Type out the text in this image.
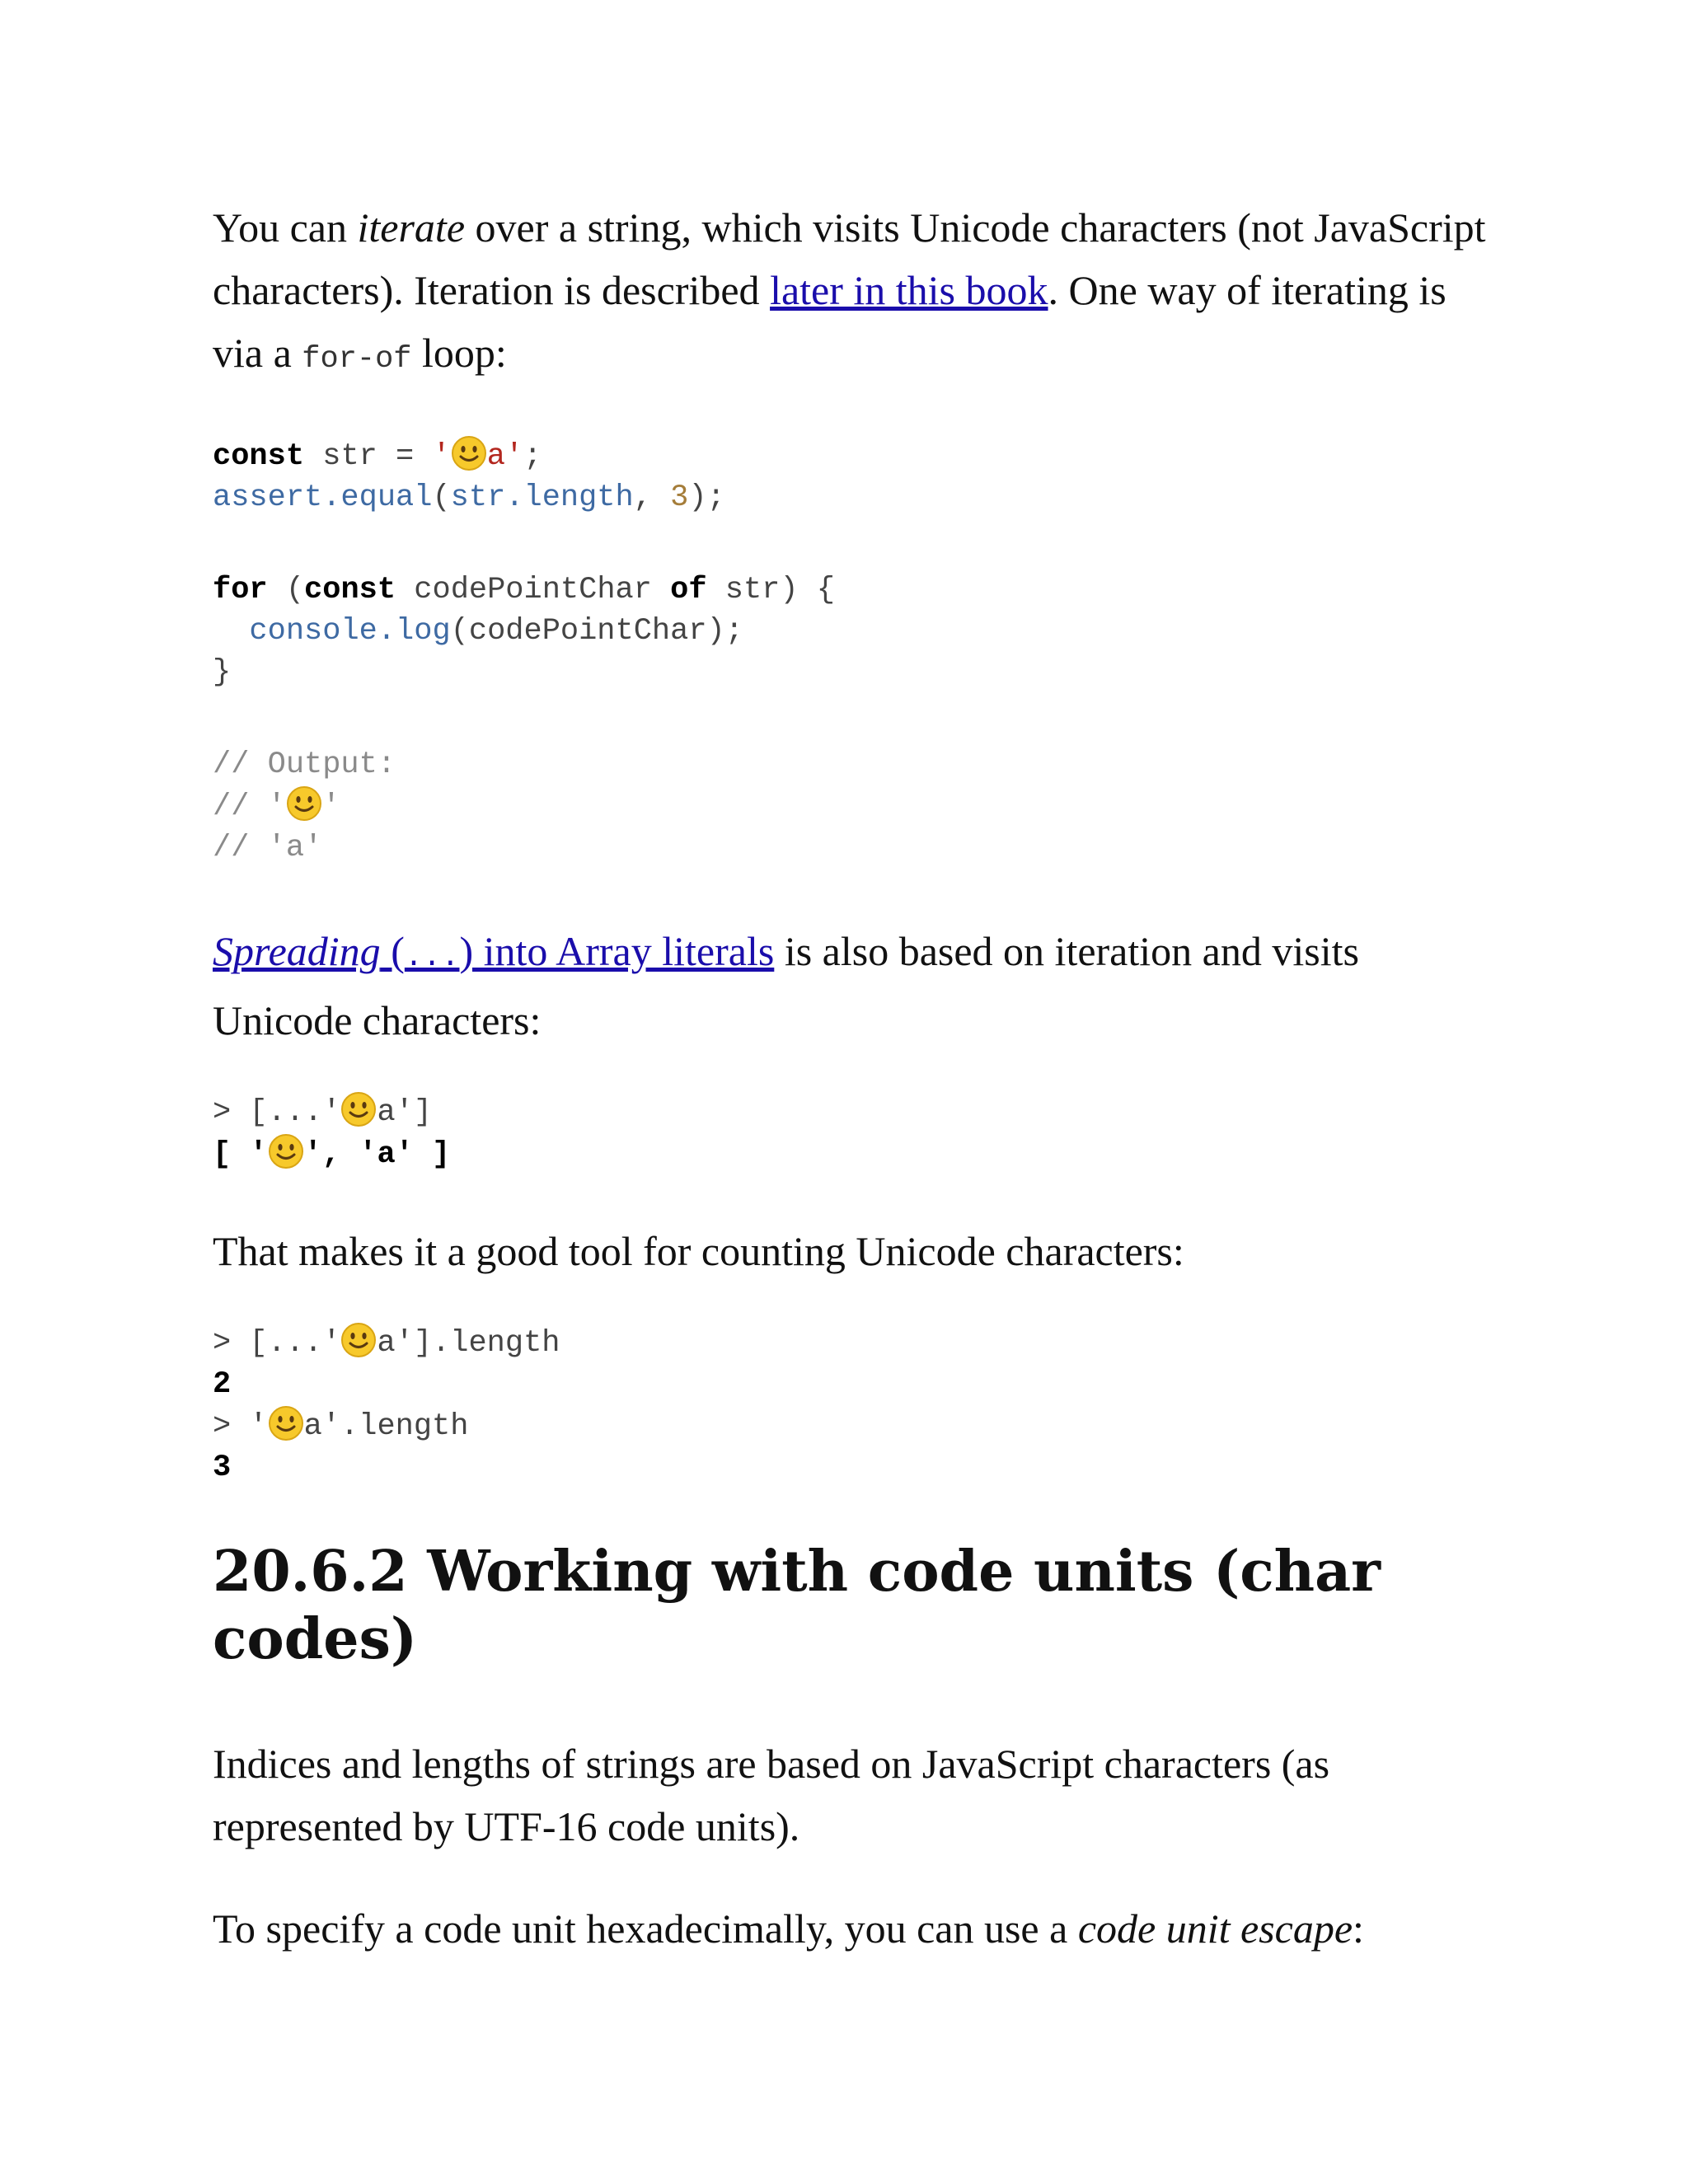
You can iterate over a string, which visits Unicode characters (not JavaScript characters). Iteration is described later in this book. One way of iterating is via a for-of loop:

const str = ' a';
assert.equal(str.length, 3);
for (const codePointChar of str) {
console.log(codePointChar);
}
// Output:
// ' '
// 'a'

Spreading (...) into Array literals is also based on iteration and visits Unicode characters:

> [...' a']
[ ' ', 'a' ]

That makes it a good tool for counting Unicode characters:

> [...' a'].length
2
> ' a'.length
3
20.6.2 Working with code units (char codes)

Indices and lengths of strings are based on JavaScript characters (as represented by UTF-16 code units).

To specify a code unit hexadecimally, you can use a code unit escape:
